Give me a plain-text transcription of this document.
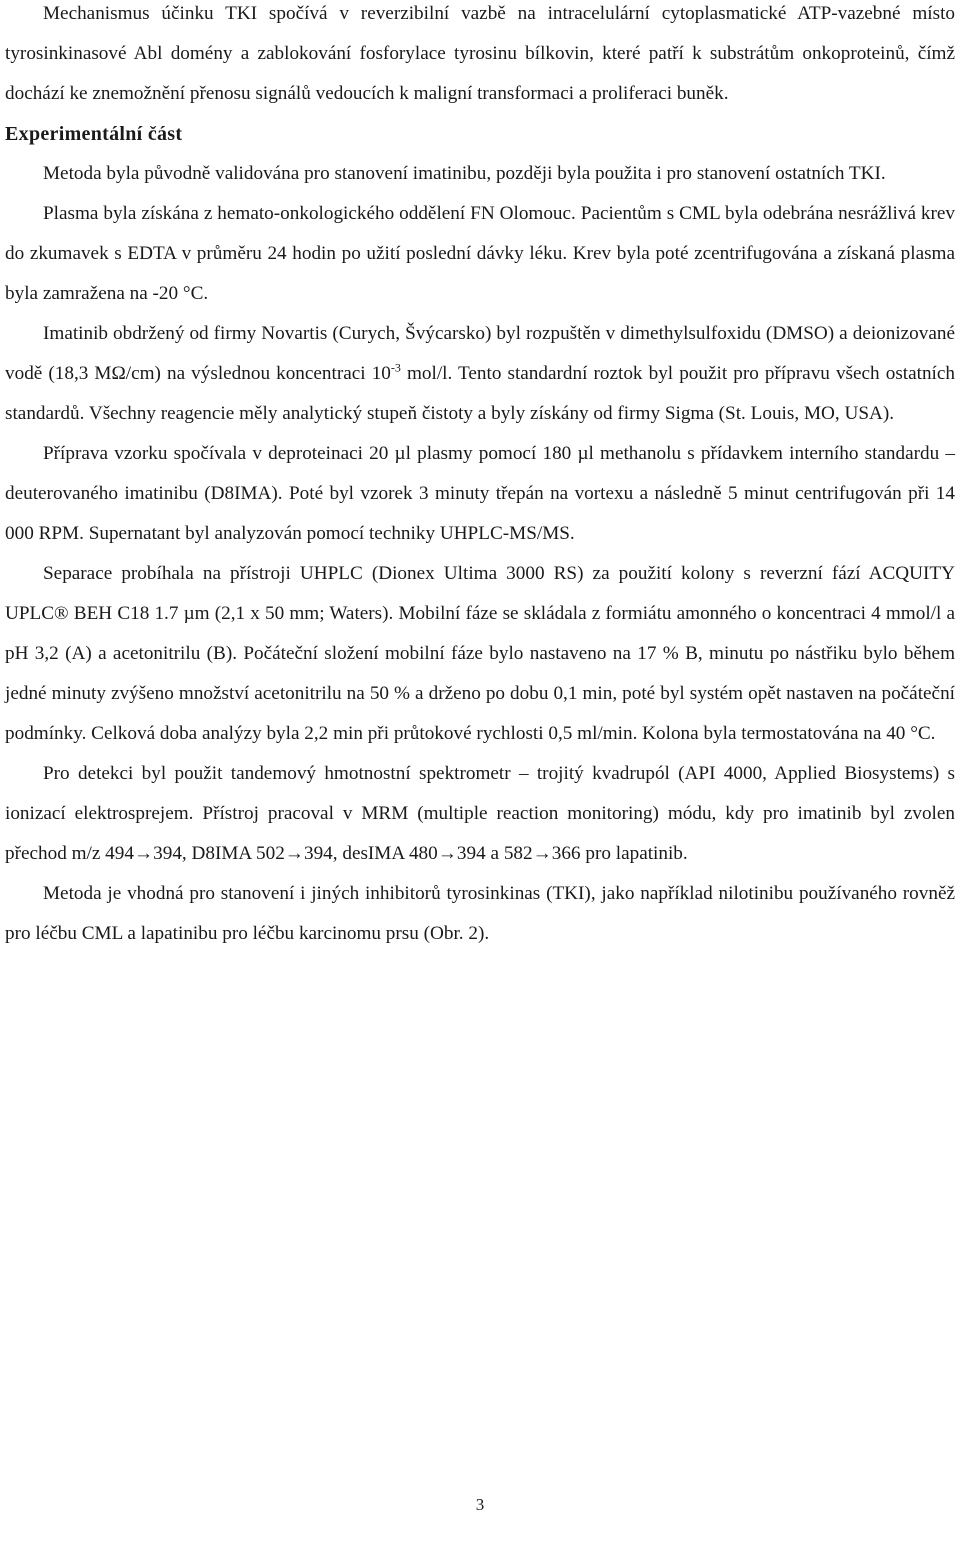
Mechanismus účinku TKI spočívá v reverzibilní vazbě na intracelulární cytoplasmatické ATP-vazebné místo tyrosinkinasové Abl domény a zablokování fosforylace tyrosinu bílkovin, které patří k substrátům onkoproteinů, čímž dochází ke znemožnění přenosu signálů vedoucích k maligní transformaci a proliferaci buněk.

Experimentální část

Metoda byla původně validována pro stanovení imatinibu, později byla použita i pro stanovení ostatních TKI.

Plasma byla získána z hemato-onkologického oddělení FN Olomouc. Pacientům s CML byla odebrána nesrážlivá krev do zkumavek s EDTA v průměru 24 hodin po užití poslední dávky léku. Krev byla poté zcentrifugována a získaná plasma byla zamražena na -20 °C.

Imatinib obdržený od firmy Novartis (Curych, Švýcarsko) byl rozpuštěn v dimethylsulfoxidu (DMSO) a deionizované vodě (18,3 MΩ/cm) na výslednou koncentraci $10^{-3}$ mol/l. Tento standardní roztok byl použit pro přípravu všech ostatních standardů. Všechny reagencie měly analytický stupeň čistoty a byly získány od firmy Sigma (St. Louis, MO, USA).

Příprava vzorku spočívala v deproteinaci 20 µl plasmy pomocí 180 µl methanolu s přídavkem interního standardu – deuterovaného imatinibu (D8IMA). Poté byl vzorek 3 minuty třepán na vortexu a následně 5 minut centrifugován při 14 000 RPM. Supernatant byl analyzován pomocí techniky UHPLC-MS/MS.

Separace probíhala na přístroji UHPLC (Dionex Ultima 3000 RS) za použití kolony s reverzní fází ACQUITY UPLC® BEH C18 1.7 µm (2,1 x 50 mm; Waters). Mobilní fáze se skládala z formiátu amonného o koncentraci 4 mmol/l a pH 3,2 (A) a acetonitrilu (B). Počáteční složení mobilní fáze bylo nastaveno na 17 % B, minutu po nástřiku bylo během jedné minuty zvýšeno množství acetonitrilu na 50 % a drženo po dobu 0,1 min, poté byl systém opět nastaven na počáteční podmínky. Celková doba analýzy byla 2,2 min při průtokové rychlosti 0,5 ml/min. Kolona byla termostatována na 40 °C.

Pro detekci byl použit tandemový hmotnostní spektrometr – trojitý kvadrupól (API 4000, Applied Biosystems) s ionizací elektrosprejem. Přístroj pracoval v MRM (multiple reaction monitoring) módu, kdy pro imatinib byl zvolen přechod m/z 494→394, D8IMA 502→394, desIMA 480→394 a 582→366 pro lapatinib.

Metoda je vhodná pro stanovení i jiných inhibitorů tyrosinkinas (TKI), jako například nilotinibu používaného rovněž pro léčbu CML a lapatinibu pro léčbu karcinomu prsu (Obr. 2).

3
